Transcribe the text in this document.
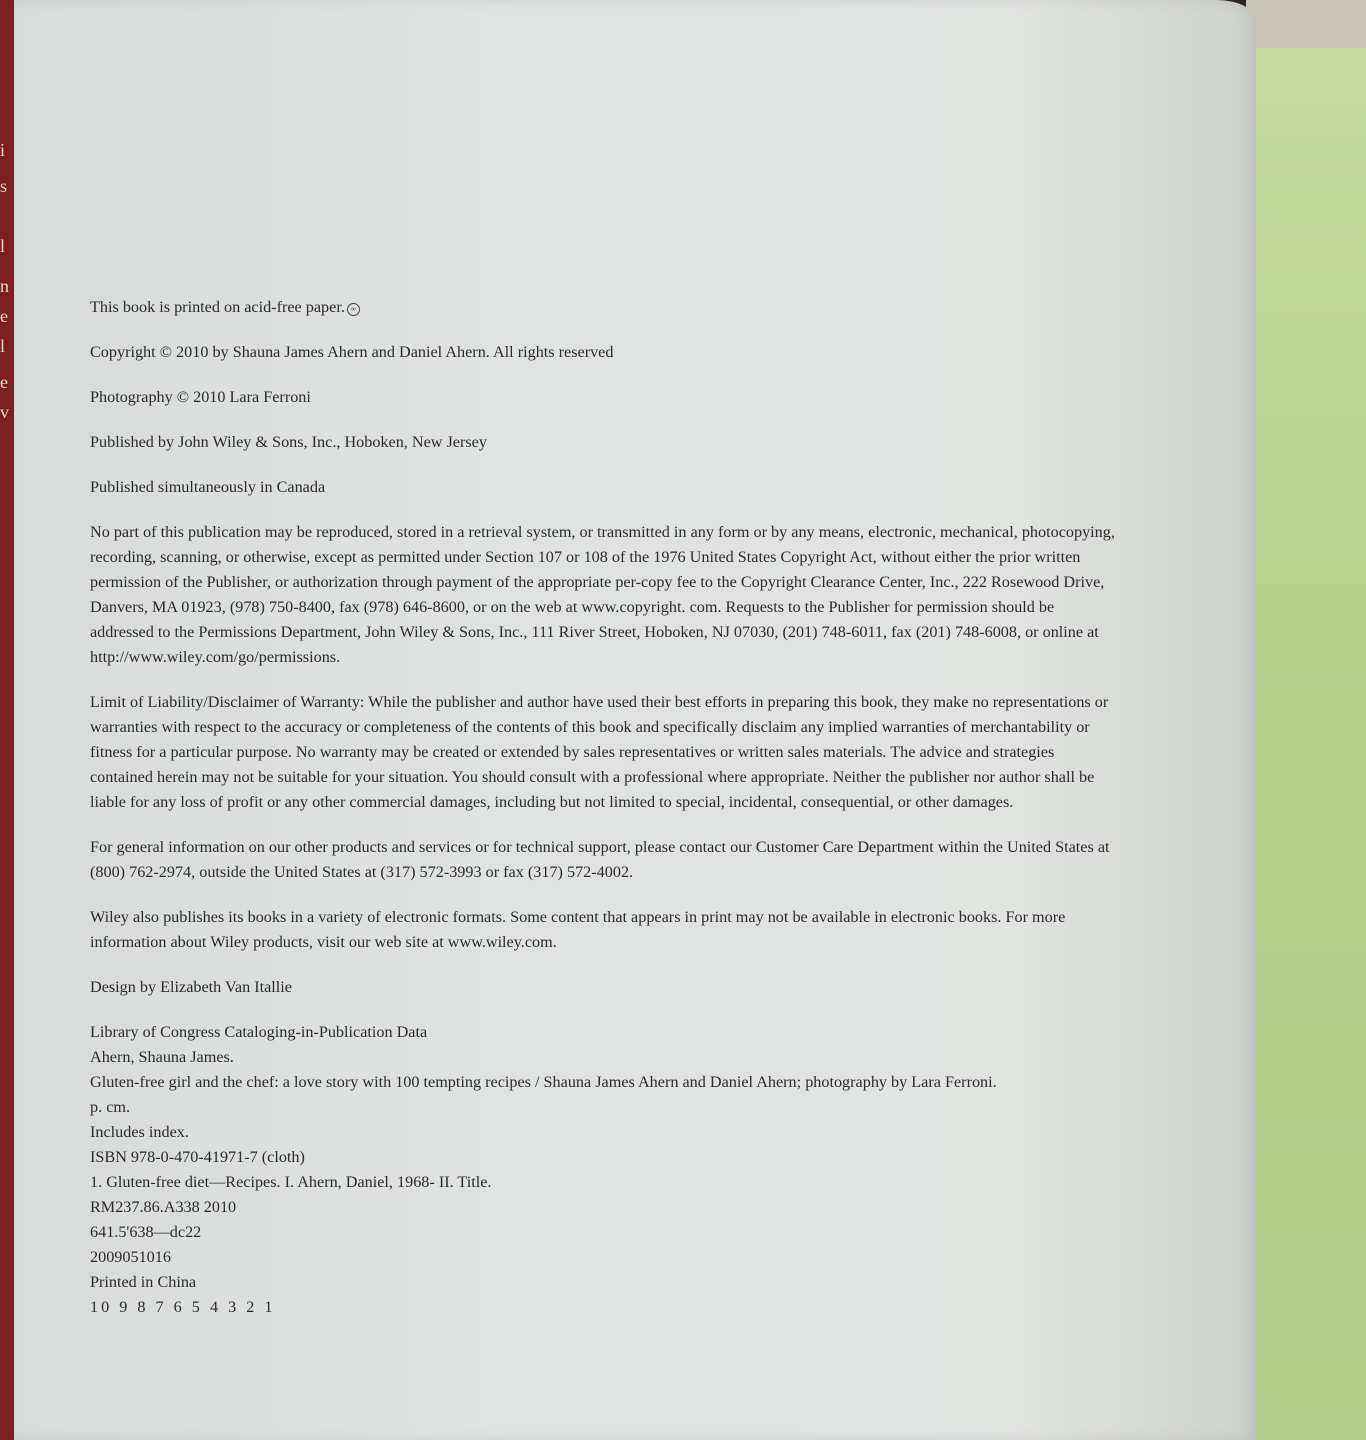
i
s
l
n
e
l
e
v

This book is printed on acid-free paper. ∞

Copyright © 2010 by Shauna James Ahern and Daniel Ahern. All rights reserved

Photography © 2010 Lara Ferroni

Published by John Wiley & Sons, Inc., Hoboken, New Jersey

Published simultaneously in Canada

No part of this publication may be reproduced, stored in a retrieval system, or transmitted in any form or by any means, electronic, mechanical, photocopying, recording, scanning, or otherwise, except as permitted under Section 107 or 108 of the 1976 United States Copyright Act, without either the prior written permission of the Publisher, or authorization through payment of the appropriate per-copy fee to the Copyright Clearance Center, Inc., 222 Rosewood Drive, Danvers, MA 01923, (978) 750-8400, fax (978) 646-8600, or on the web at www.copyright. com. Requests to the Publisher for permission should be addressed to the Permissions Department, John Wiley & Sons, Inc., 111 River Street, Hoboken, NJ 07030, (201) 748-6011, fax (201) 748-6008, or online at http://www.wiley.com/go/permissions.

Limit of Liability/Disclaimer of Warranty: While the publisher and author have used their best efforts in preparing this book, they make no representations or warranties with respect to the accuracy or completeness of the contents of this book and specifically disclaim any implied warranties of merchantability or fitness for a particular purpose. No warranty may be created or extended by sales representatives or written sales materials. The advice and strategies contained herein may not be suitable for your situation. You should consult with a professional where appropriate. Neither the publisher nor author shall be liable for any loss of profit or any other commercial damages, including but not limited to special, incidental, consequential, or other damages.

For general information on our other products and services or for technical support, please contact our Customer Care Department within the United States at (800) 762-2974, outside the United States at (317) 572-3993 or fax (317) 572-4002.

Wiley also publishes its books in a variety of electronic formats. Some content that appears in print may not be available in electronic books. For more information about Wiley products, visit our web site at www.wiley.com.

Design by Elizabeth Van Itallie

Library of Congress Cataloging-in-Publication Data
Ahern, Shauna James.
Gluten-free girl and the chef: a love story with 100 tempting recipes / Shauna James Ahern and Daniel Ahern; photography by Lara Ferroni.
p. cm.
Includes index.
ISBN 978-0-470-41971-7 (cloth)
1. Gluten-free diet—Recipes. I. Ahern, Daniel, 1968- II. Title.
RM237.86.A338 2010
641.5'638—dc22
2009051016
Printed in China
10 9 8 7 6 5 4 3 2 1
